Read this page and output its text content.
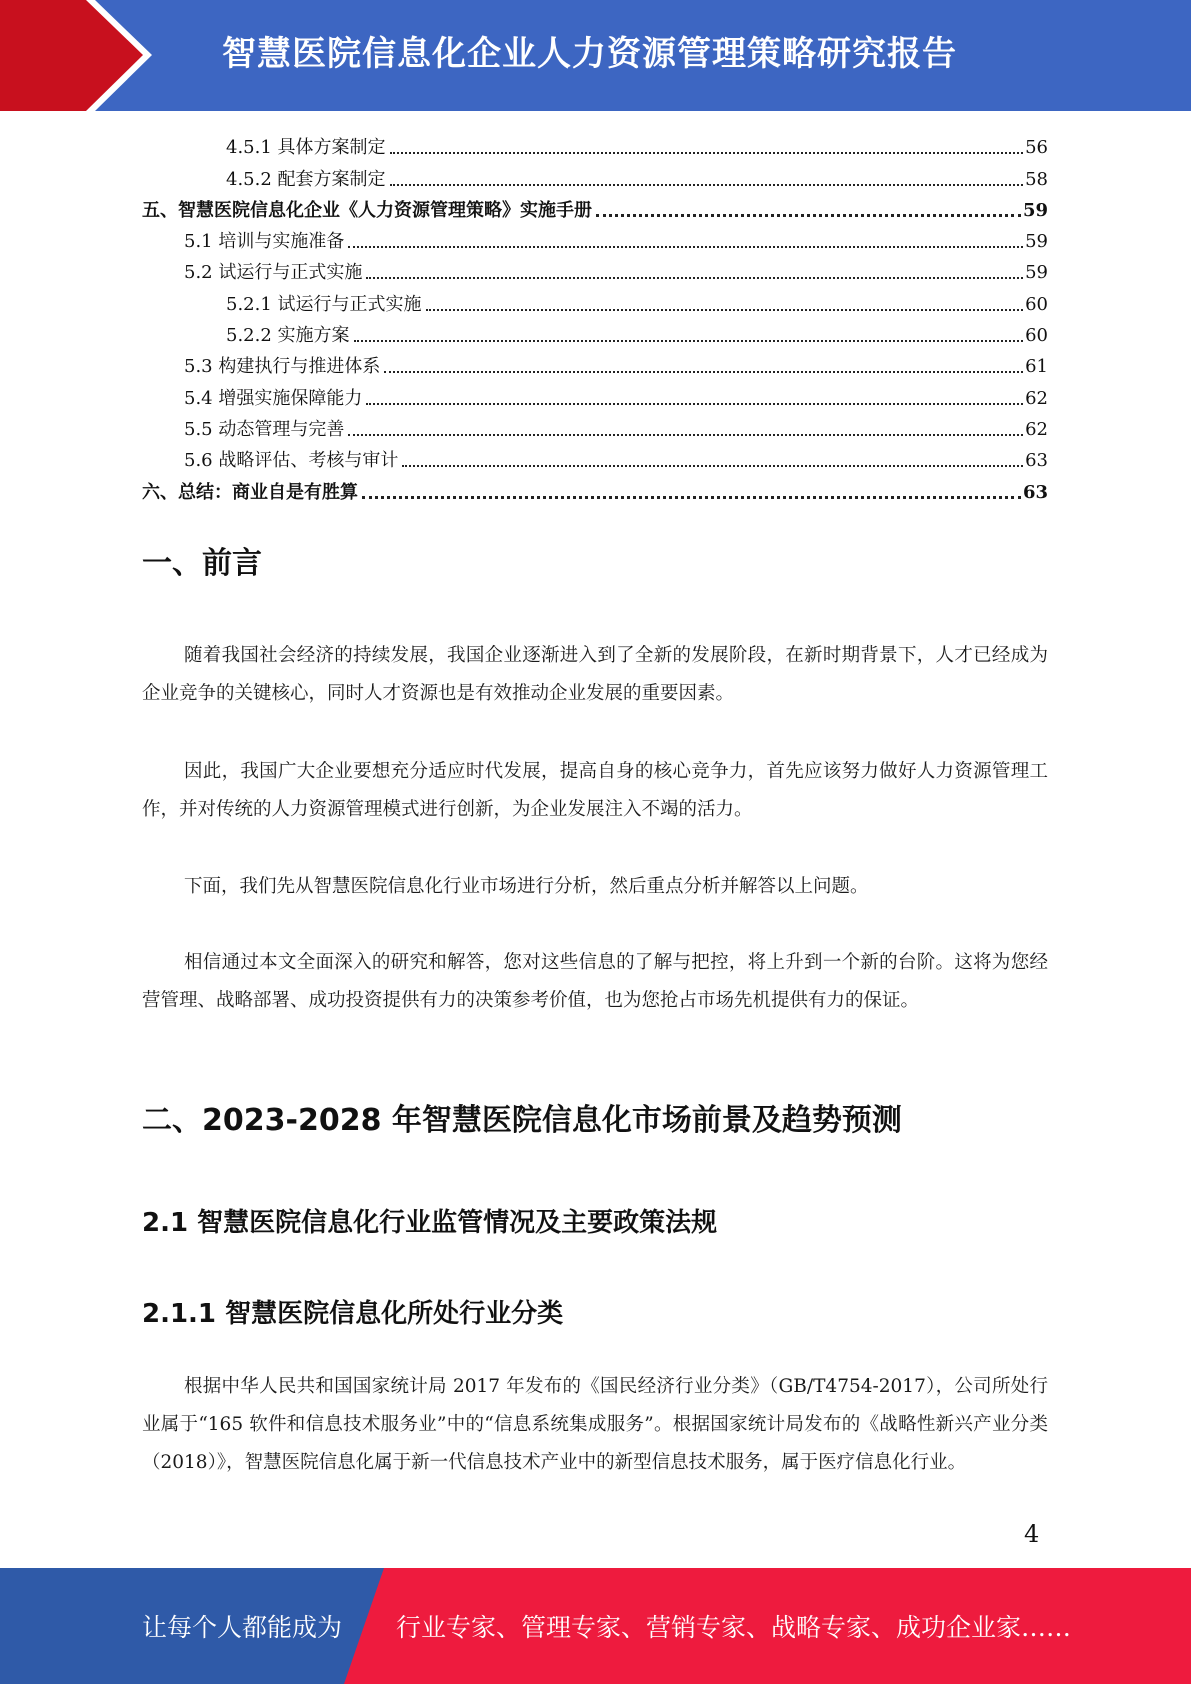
智慧医院信息化企业人力资源管理策略研究报告
4.5.1 具体方案制定	56
4.5.2 配套方案制定	58
五、智慧医院信息化企业《人力资源管理策略》实施手册	59
5.1 培训与实施准备	59
5.2 试运行与正式实施	59
5.2.1 试运行与正式实施	60
5.2.2 实施方案	60
5.3 构建执行与推进体系	61
5.4 增强实施保障能力	62
5.5 动态管理与完善	62
5.6 战略评估、考核与审计	63
六、总结：商业自是有胜算	63
一、前言
随着我国社会经济的持续发展，我国企业逐渐进入到了全新的发展阶段，在新时期背景下，人才已经成为企业竞争的关键核心，同时人才资源也是有效推动企业发展的重要因素。
因此，我国广大企业要想充分适应时代发展，提高自身的核心竞争力，首先应该努力做好人力资源管理工作，并对传统的人力资源管理模式进行创新，为企业发展注入不竭的活力。
下面，我们先从智慧医院信息化行业市场进行分析，然后重点分析并解答以上问题。
相信通过本文全面深入的研究和解答，您对这些信息的了解与把控，将上升到一个新的台阶。这将为您经营管理、战略部署、成功投资提供有力的决策参考价值，也为您抢占市场先机提供有力的保证。
二、2023-2028 年智慧医院信息化市场前景及趋势预测
2.1 智慧医院信息化行业监管情况及主要政策法规
2.1.1 智慧医院信息化所处行业分类
根据中华人民共和国国家统计局 2017 年发布的《国民经济行业分类》（GB/T4754-2017），公司所处行业属于“165 软件和信息技术服务业”中的“信息系统集成服务”。根据国家统计局发布的《战略性新兴产业分类（2018）》，智慧医院信息化属于新一代信息技术产业中的新型信息技术服务，属于医疗信息化行业。
4
让每个人都能成为 行业专家、管理专家、营销专家、战略专家、成功企业家……
